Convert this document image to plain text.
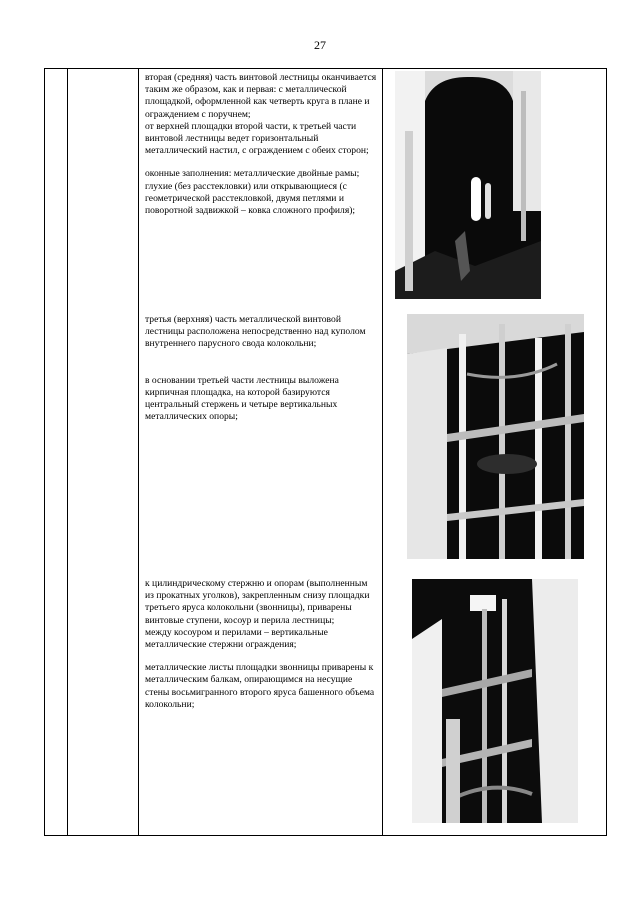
27

вторая (средняя) часть винтовой лестницы оканчивается таким же образом, как и первая: с металлической площадкой, оформленной как четверть круга в плане и ограждением с поручнем;

от верхней площадки второй части, к третьей части винтовой лестницы ведет горизонтальный металлический настил, с ограждением с обеих сторон;

оконные заполнения: металлические двойные рамы; глухие (без расстекловки) или открывающиеся (с геометрической расстекловкой, двумя петлями и поворотной задвижкой – ковка сложного профиля);

третья (верхняя) часть металлической винтовой лестницы расположена непосредственно над куполом внутреннего парусного свода колокольни;

в основании третьей части лестницы выложена кирпичная площадка, на которой базируются центральный стержень и четыре вертикальных металлических опоры;

к цилиндрическому стержню и опорам (выполненным из прокатных уголков), закрепленным снизу площадки третьего яруса колокольни (звонницы), приварены винтовые ступени, косоур и перила лестницы;

между косоуром и перилами – вертикальные металлические стержни ограждения;

металлические листы площадки звонницы приварены к металлическим балкам, опирающимся на несущие стены восьмигранного второго яруса башенного объема колокольни;
